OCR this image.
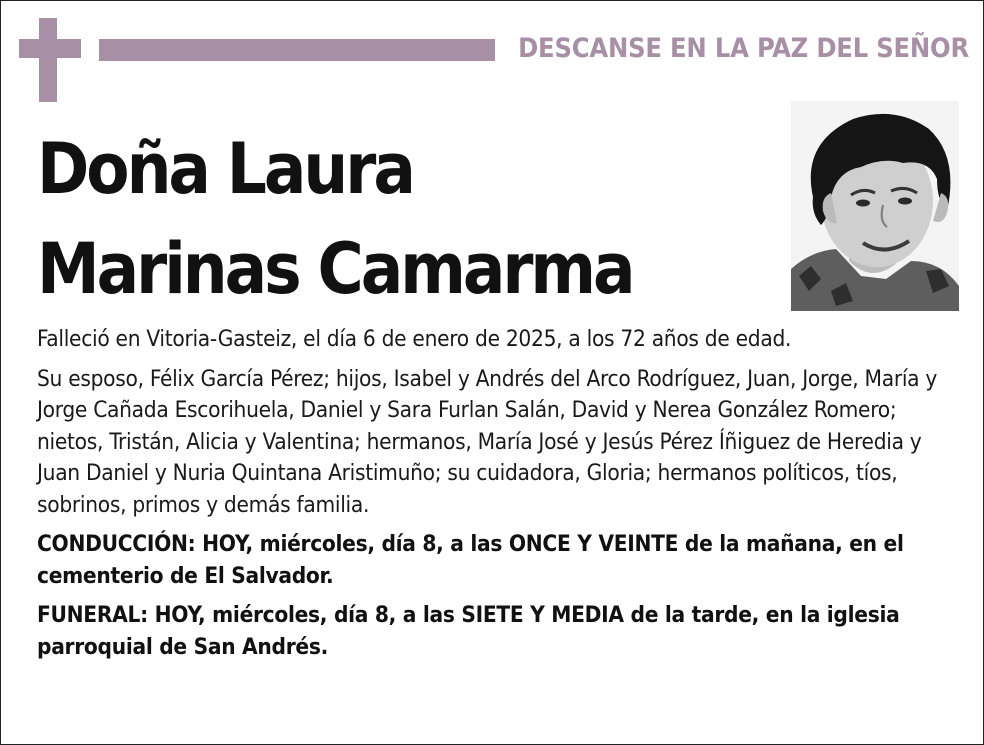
DESCANSE EN LA PAZ DEL SEÑOR
Doña Laura
Marinas Camarma

Falleció en Vitoria-Gasteiz, el día 6 de enero de 2025, a los 72 años de edad.

Su esposo, Félix García Pérez; hijos, Isabel y Andrés del Arco Rodríguez, Juan, Jorge, María y Jorge Cañada Escorihuela, Daniel y Sara Furlan Salán, David y Nerea González Romero; nietos, Tristán, Alicia y Valentina; hermanos, María José y Jesús Pérez Íñiguez de Heredia y Juan Daniel y Nuria Quintana Aristimuño; su cuidadora, Gloria; hermanos políticos, tíos, sobrinos, primos y demás familia.

CONDUCCIÓN: HOY, miércoles, día 8, a las ONCE Y VEINTE de la mañana, en el cementerio de El Salvador.

FUNERAL: HOY, miércoles, día 8, a las SIETE Y MEDIA de la tarde, en la iglesia parroquial de San Andrés.
